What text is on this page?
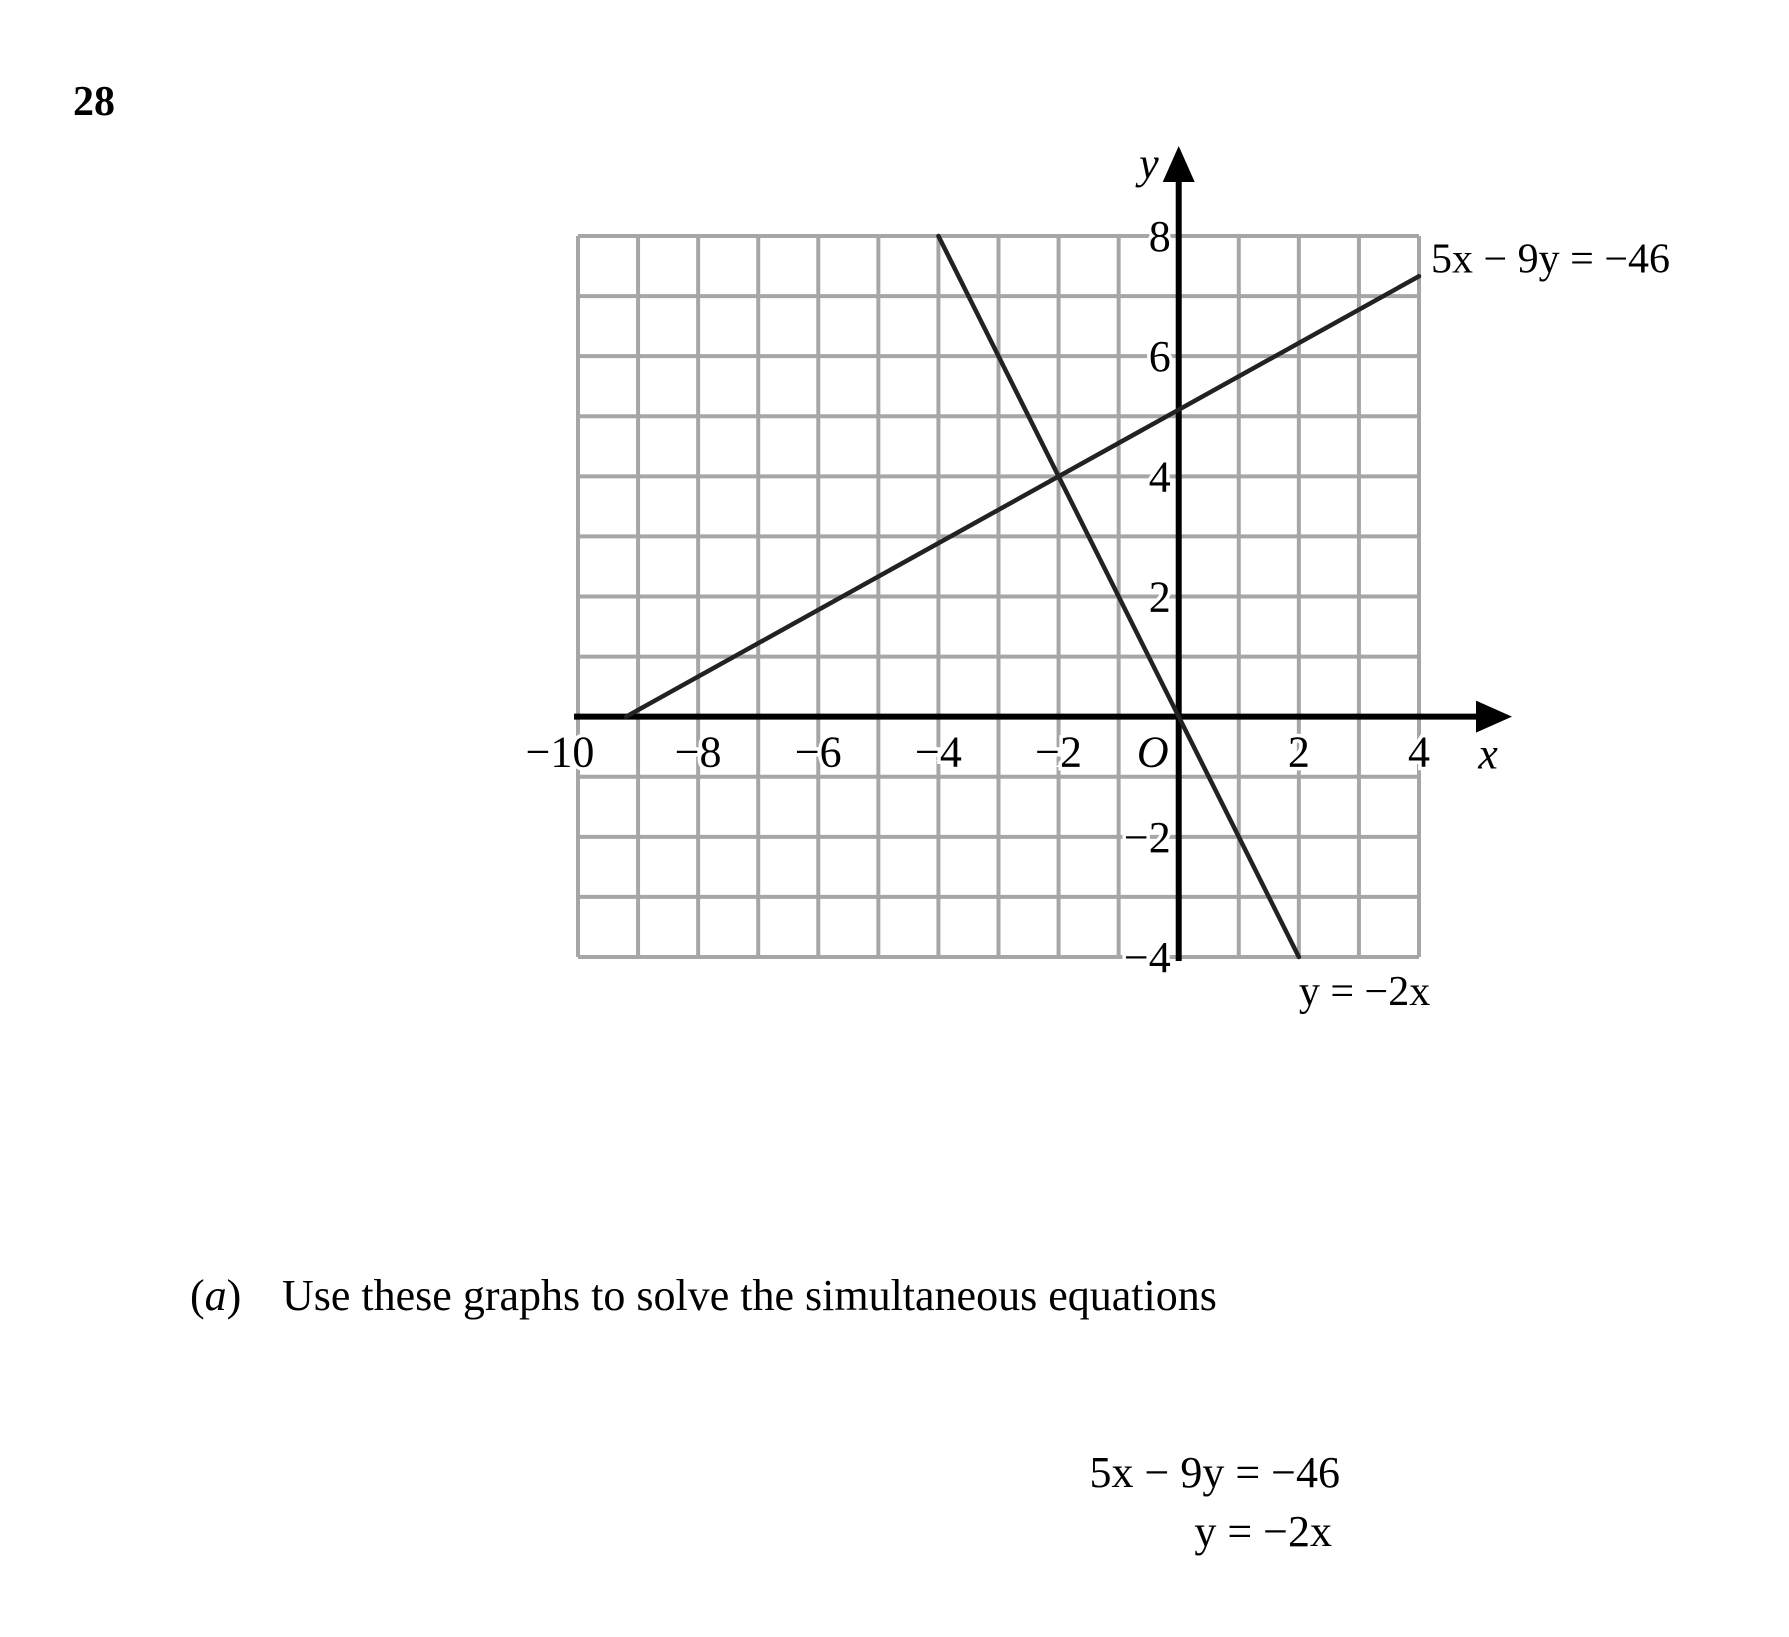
28
−10 −8 −6 −4 −2	2 4
8
6
4
2
−2
−4
O	x
y
5x − 9y = −46
y = −2x
(a) Use these graphs to solve the simultaneous equations
5x − 9y = −46
y = −2x
